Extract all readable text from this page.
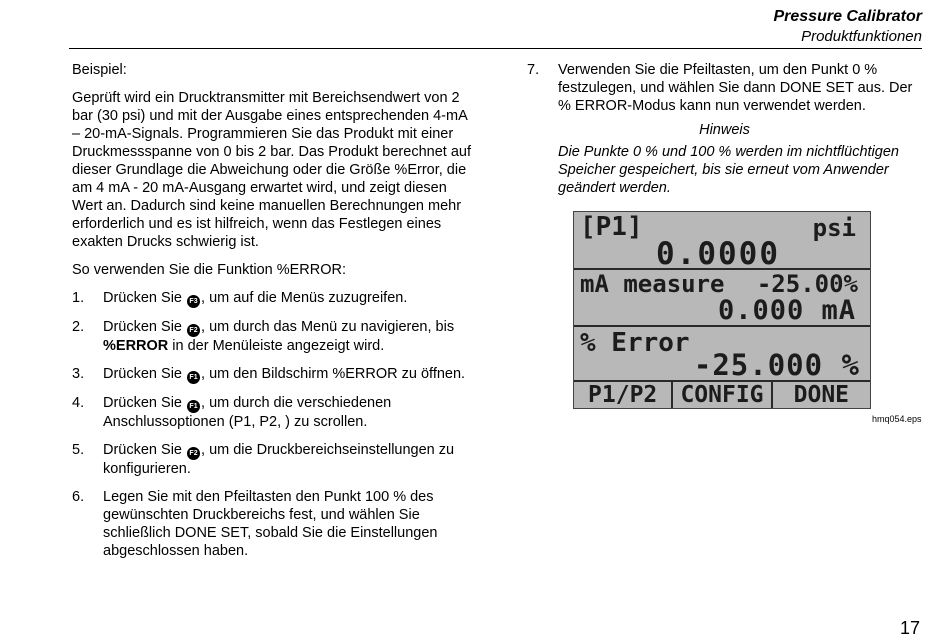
Pressure Calibrator
Produktfunktionen

Beispiel:

Geprüft wird ein Drucktransmitter mit Bereichsendwert von 2 bar (30 psi) und mit der Ausgabe eines entsprechenden 4-mA – 20-mA-Signals. Programmieren Sie das Produkt mit einer Druckmessspanne von 0 bis 2 bar. Das Produkt berechnet auf dieser Grundlage die Abweichung oder die Größe %Error, die am 4 mA - 20 mA-Ausgang erwartet wird, und zeigt diesen Wert an. Dadurch sind keine manuellen Berechnungen mehr erforderlich und es ist hilfreich, wenn das Festlegen eines exakten Drucks schwierig ist.

So verwenden Sie die Funktion %ERROR:

1.	Drücken Sie F3 , um auf die Menüs zuzugreifen.
2.	Drücken Sie F2 , um durch das Menü zu navigieren, bis %ERROR in der Menüleiste angezeigt wird.
3.	Drücken Sie F1 , um den Bildschirm %ERROR zu öffnen.
4.	Drücken Sie F1 , um durch die verschiedenen Anschlussoptionen (P1, P2, ) zu scrollen.
5.	Drücken Sie F2 , um die Druckbereichseinstellungen zu konfigurieren.
6.	Legen Sie mit den Pfeiltasten den Punkt 100 % des gewünschten Druckbereichs fest, und wählen Sie schließlich DONE SET, sobald Sie die Einstellungen abgeschlossen haben.
7.	Verwenden Sie die Pfeiltasten, um den Punkt 0 % festzulegen, und wählen Sie dann DONE SET aus. Der % ERROR-Modus kann nun verwendet werden.

Hinweis

Die Punkte 0 % und 100 % werden im nichtflüchtigen Speicher gespeichert, bis sie erneut vom Anwender geändert werden.

[P1]	psi
0.0000
mA measure -25.00%
0.000 mA
% Error
-25.000 %
P1/P2	CONFIG	DONE
hmq054.eps
17
